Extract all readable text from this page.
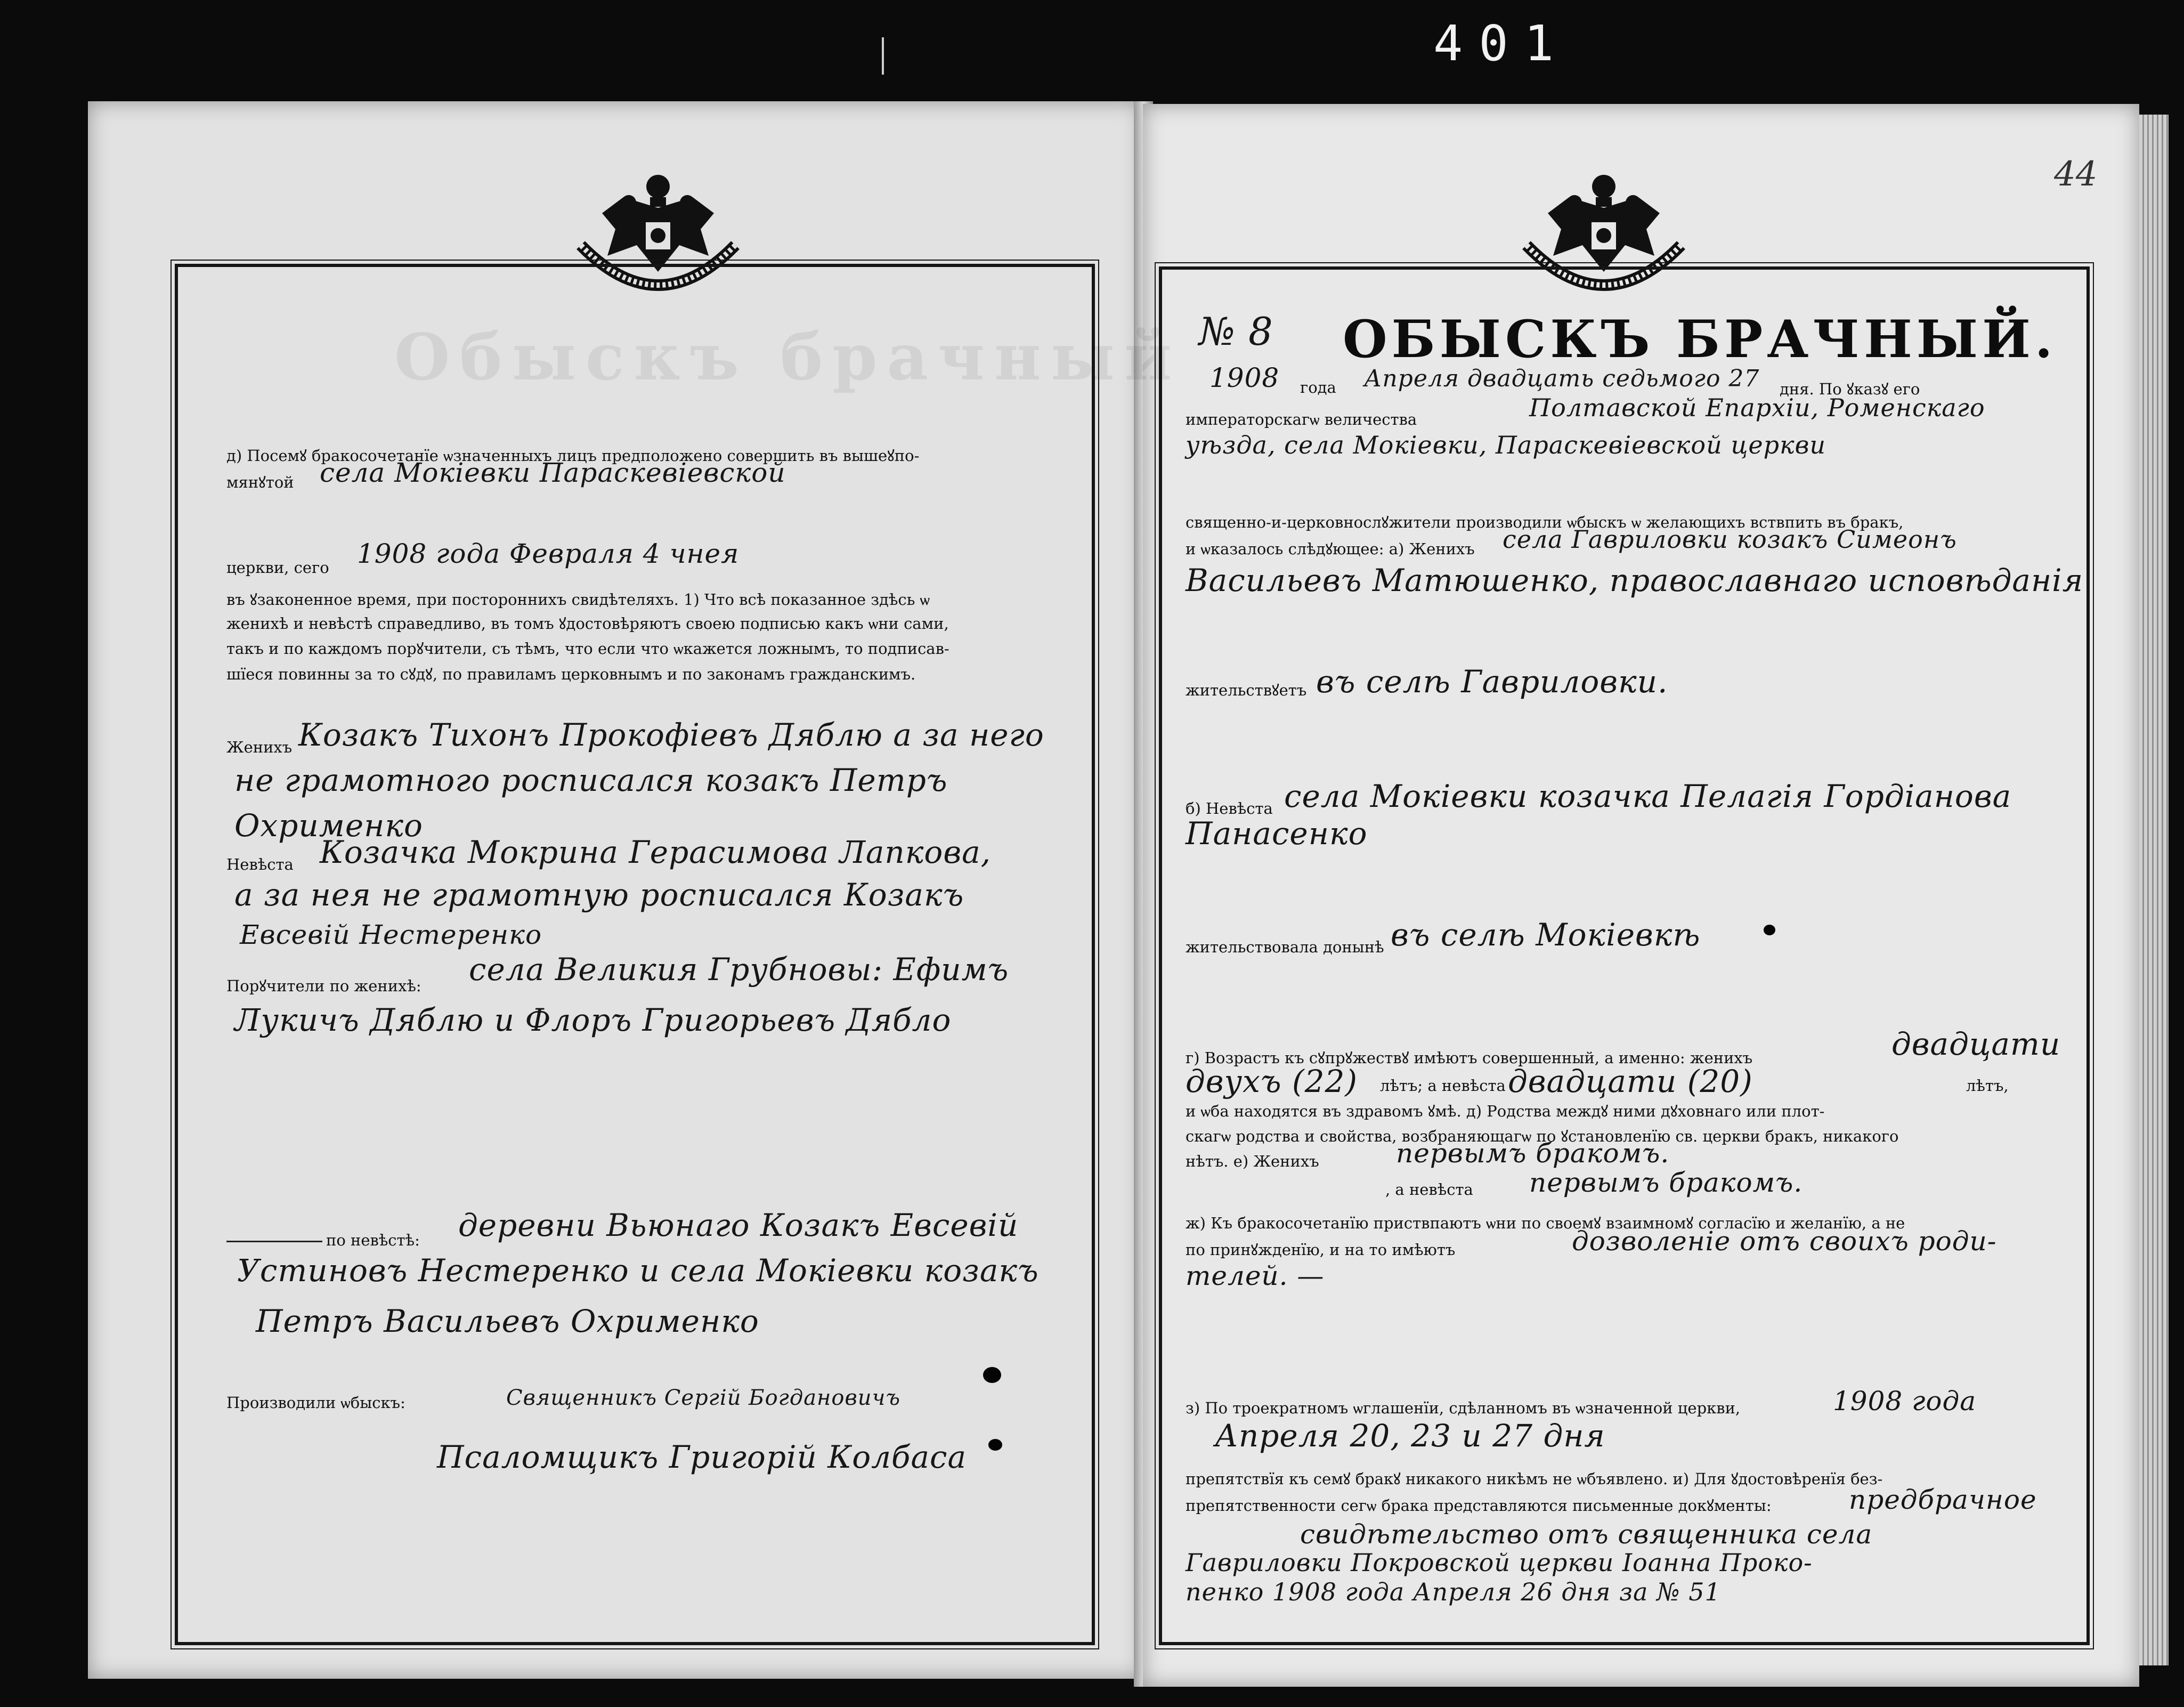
401
44
Обыскъ брачный
д) Посемꙋ бракосочетанїе ѡзначенныхъ лицъ предположено совершить въ вышеꙋпо-
мянꙋтой села Мокіевки Параскевіевской
церкви, сего 1908 года Февраля 4 чнея
въ ꙋзаконенное время, при постороннихъ свидѣтеляхъ. 1) Что всѣ показанное здѣсь ѡ
женихѣ и невѣстѣ справедливо, въ томъ ꙋдостовѣряютъ своею подписью какъ ѡни сами,
такъ и по каждомъ порꙋчители, съ тѣмъ, что если что ѡкажется ложнымъ, то подписав-
шїеся повинны за то сꙋдꙋ, по правиламъ церковнымъ и по законамъ гражданскимъ.
Женихъ Козакъ Тихонъ Прокофіевъ Дяблю а за него
не грамотного росписался козакъ Петръ
Охрименко
Невѣста Козачка Мокрина Герасимова Лапкова,
а за нея не грамотную росписался Козакъ
Евсевій Нестеренко
Порꙋчители по женихѣ: села Великия Грубновы: Ефимъ
Лукичъ Дяблю и Флоръ Григорьевъ Дябло
по невѣстѣ: деревни Вьюнаго Козакъ Евсевій
Устиновъ Нестеренко и села Мокіевки козакъ
Петръ Васильевъ Охрименко
Производили ѡбыскъ:	Священникъ Сергій Богдановичъ
Псаломщикъ Григорій Колбаса
№ 8 ОБЫСКЪ БРАЧНЫЙ.
1908 года Апреля двадцать седьмого 27 дня. По ꙋказꙋ его
императорскагѡ величества	Полтавской Епархіи, Роменскаго
уѣзда, села Мокіевки, Параскевіевской церкви
священно-и-церковнослꙋжители производили ѡбыскъ ѡ желающихъ вствпить въ бракъ,
и ѡказалось слѣдꙋющее: а) Женихъ села Гавриловки козакъ Симеонъ
Васильевъ Матюшенко, православнаго исповѣданія
жительствꙋетъ въ селѣ Гавриловки.
б) Невѣста села Мокіевки козачка Пелагія Гордіанова
Панасенко
жительствовала донынѣ въ селѣ Мокіевкѣ
г) Возрастъ къ сꙋпрꙋжествꙋ имѣютъ совершенный, а именно: женихъ	двадцати
двухъ (22) лѣтъ; а невѣста двадцати (20)	лѣтъ,
и ѡба находятся въ здравомъ ꙋмѣ. д) Родства междꙋ ними дꙋховнаго или плот-
скагѡ родства и свойства, возбраняющагѡ по ꙋстановленїю св. церкви бракъ, никакого
нѣтъ. е) Женихъ	первымъ бракомъ.
, а невѣста первымъ бракомъ.
ж) Къ бракосочетанїю приствпаютъ ѡни по своемꙋ взаимномꙋ согласїю и желанїю, а не
по принꙋжденїю, и на то имѣютъ	дозволеніе отъ своихъ роди-
телей. —
з) По троекратномъ ѡглашенїи, сдѣланномъ въ ѡзначенной церкви,	1908 года
Апреля 20, 23 и 27 дня
препятствїя къ семꙋ бракꙋ никакого никѣмъ не ѡбъявлено. и) Для ꙋдостовѣренїя без-
препятственности сегѡ брака представляются письменные докꙋменты:	предбрачное
свидѣтельство отъ священника села
Гавриловки Покровской церкви Іоанна Проко-
пенко 1908 года Апреля 26 дня за № 51
